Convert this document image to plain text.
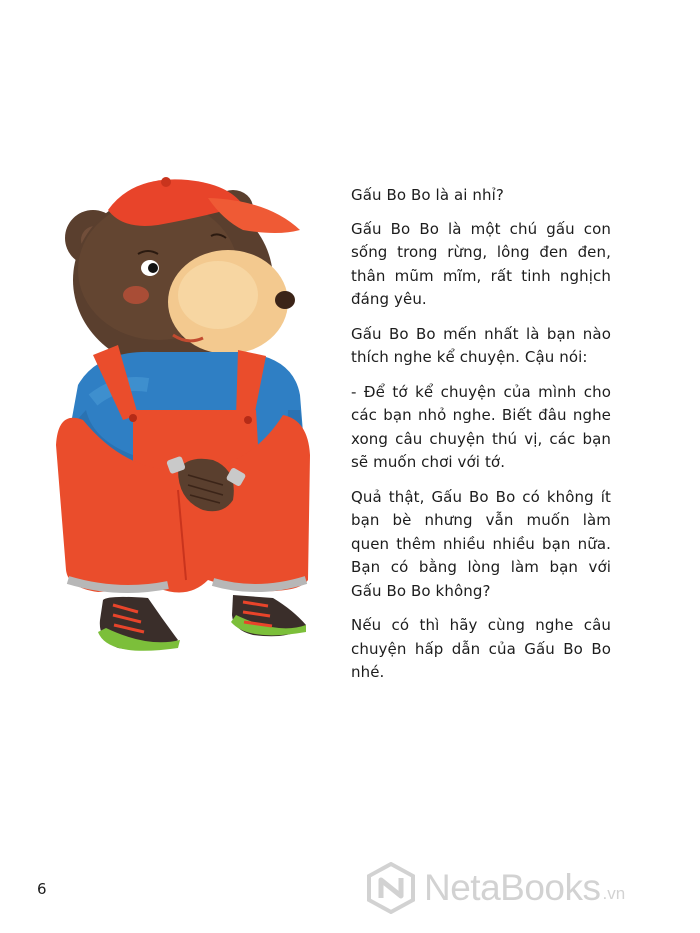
Gấu Bo Bo là ai nhỉ?

Gấu Bo Bo là một chú gấu con sống trong rừng, lông đen đen, thân mũm mĩm, rất tinh nghịch đáng yêu.

Gấu Bo Bo mến nhất là bạn nào thích nghe kể chuyện. Cậu nói:

- Để tớ kể chuyện của mình cho các bạn nhỏ nghe. Biết đâu nghe xong câu chuyện thú vị, các bạn sẽ muốn chơi với tớ.

Quả thật, Gấu Bo Bo có không ít bạn bè nhưng vẫn muốn làm quen thêm nhiều nhiều bạn nữa. Bạn có bằng lòng làm bạn với Gấu Bo Bo không?

Nếu có thì hãy cùng nghe câu chuyện hấp dẫn của Gấu Bo Bo nhé.

6	NetaBooks .vn
